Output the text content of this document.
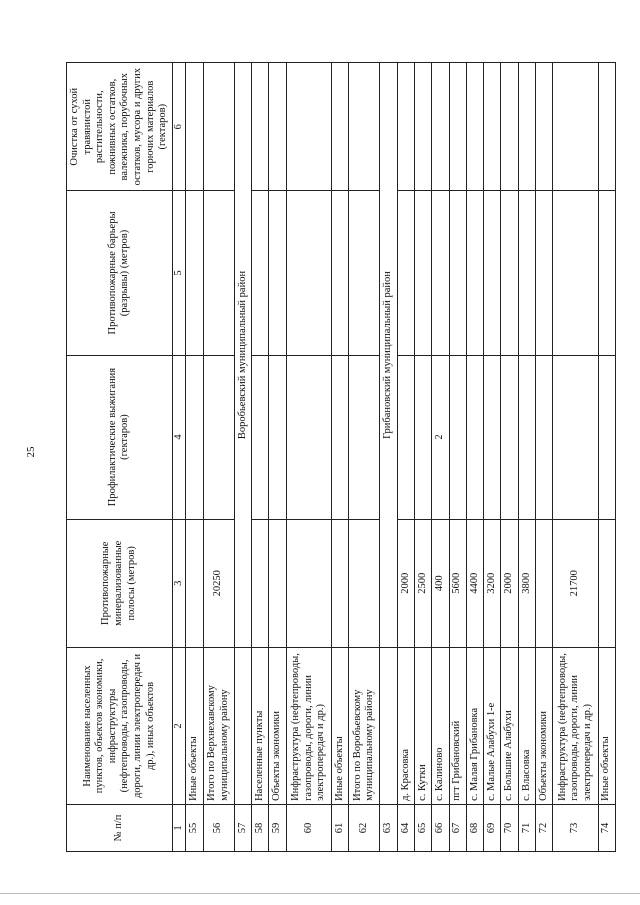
25
№ п/п	Наименование населенных пунктов, объектов экономики, инфраструктуры (нефтепроводы, газопроводы, дороги, линии электропередач и др.), иных объектов	Противопожарные минерализованные полосы (метров)	Профилактические выжигания (гектаров)	Противопожарные барьеры (разрывы) (метров)	Очистка от сухой травянистой растительности, пожнивных остатков, валежника, порубочных остатков, мусора и других горючих материалов (гектаров)
1	2	3	4	5	6
55	Иные объекты				
56	Итого по Верхнехавскому муниципальному району	20250			
57		Воробьевский муниципальный район			
58	Населенные пункты				
59	Объекты экономики				
60	Инфраструктура (нефтепроводы, газопроводы, дороги, линии электропередач и др.)				
61	Иные объекты				
62	Итого по Воробьевскому муниципальному району				
63		Грибановский муниципальный район			
64	д. Красовка	2000			
65	с. Кутки	2500			
66	с. Калиново	400	2		
67	пгт Грибановский	5600			
68	с. Малая Грибановка	4400			
69	с. Малые Алабухи 1-е	3200			
70	с. Большие Алабухи	2000			
71	с. Власовка	3800			
72	Объекты экономики				
73	Инфраструктура (нефтепроводы, газопроводы, дороги, линии электропередач и др.)	21700			
74	Иные объекты				
